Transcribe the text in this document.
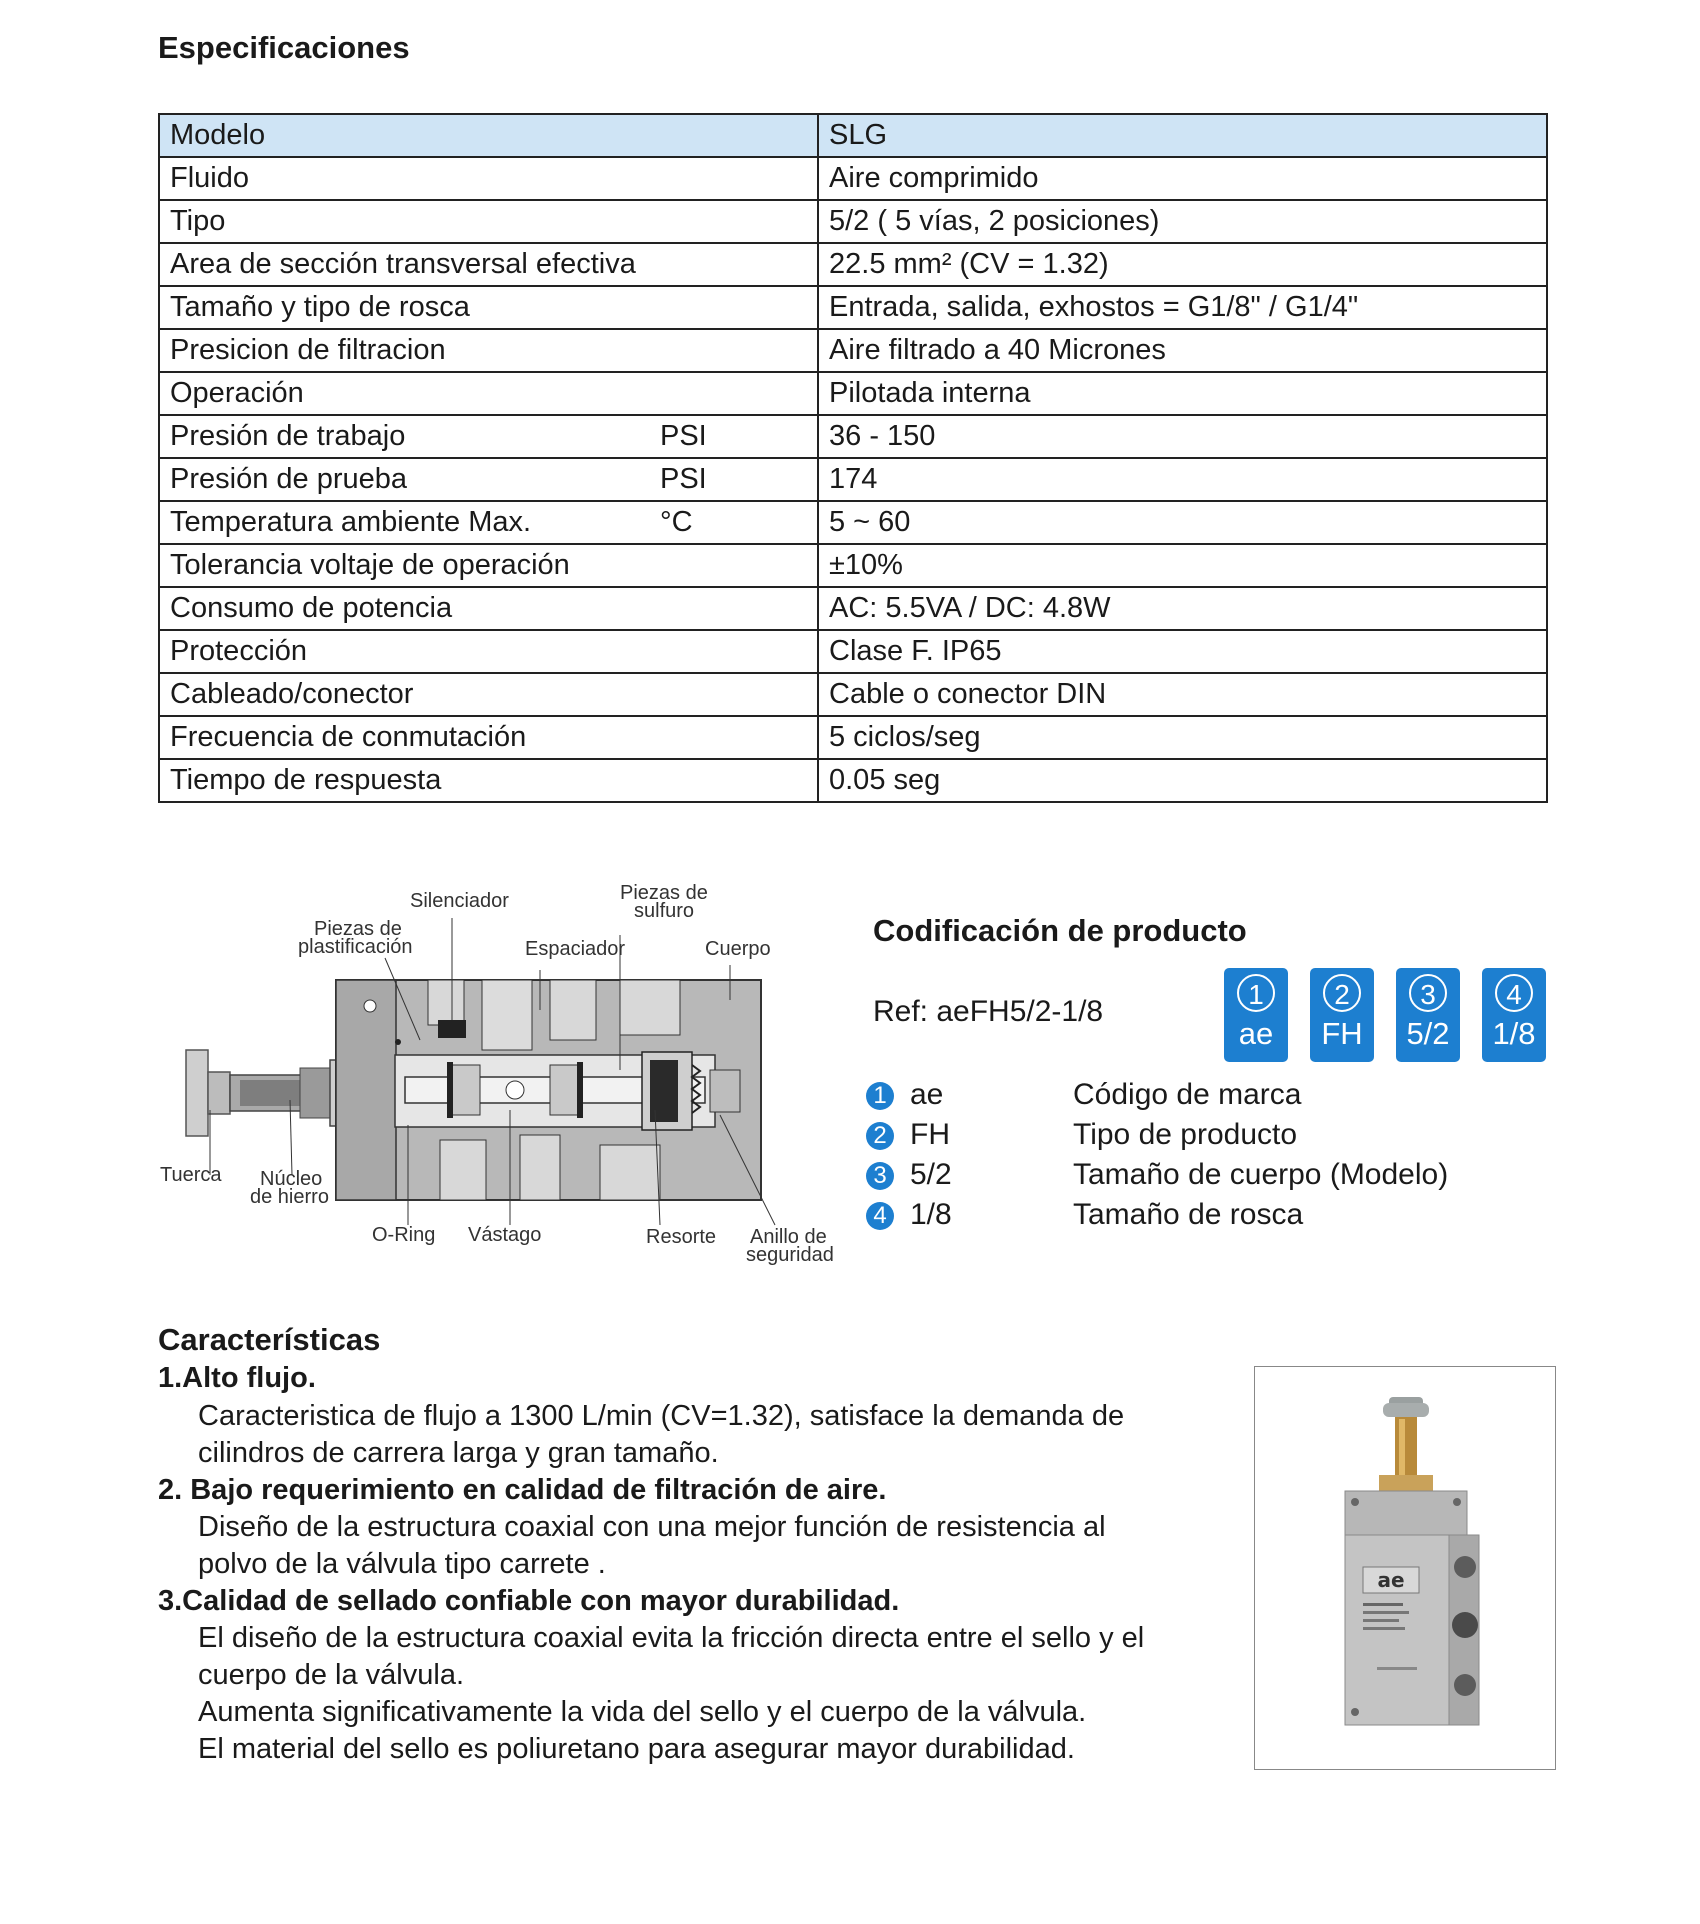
Especificaciones
Modelo		SLG
Fluido		Aire comprimido
Tipo		5/2 ( 5 vías, 2 posiciones)
Area de sección transversal efectiva		22.5 mm² (CV = 1.32)
Tamaño y tipo de rosca		Entrada, salida, exhostos = G1/8" / G1/4"
Presicion de filtracion		Aire filtrado a 40 Micrones
Operación		Pilotada interna
Presión de trabajo	PSI	36 - 150
Presión de prueba	PSI	174
Temperatura ambiente Max.	°C	5 ~ 60
Tolerancia voltaje de operación		±10%
Consumo de potencia		AC: 5.5VA / DC: 4.8W
Protección		Clase F. IP65
Cableado/conector		Cable o conector DIN
Frecuencia de conmutación		5 ciclos/seg
Tiempo de respuesta		0.05 seg
Silenciador	Piezas de
sulfuro
Piezas de
plastificación	Espaciador	Cuerpo
Tuerca Núcleo
de hierro
O-Ring Vástago	Resorte Anillo de
seguridad
Codificación de producto
Ref: aeFH5/2-1/8
1
ae
2
FH
3
5/2
4
1/8
1 ae	Código de marca
2 FH	Tipo de producto
3 5/2	Tamaño de cuerpo (Modelo)
4 1/8	Tamaño de rosca
Características
1.Alto flujo.
Caracteristica de flujo a 1300 L/min (CV=1.32), satisface la demanda de
cilindros de carrera larga y gran tamaño.
2. Bajo requerimiento en calidad de filtración de aire.
Diseño de la estructura coaxial con una mejor función de resistencia al
polvo de la válvula tipo carrete .
3.Calidad de sellado confiable con mayor durabilidad.
El diseño de la estructura coaxial evita la fricción directa entre el sello y el
cuerpo de la válvula.
Aumenta significativamente la vida del sello y el cuerpo de la válvula.
El material del sello es poliuretano para asegurar mayor durabilidad.
ae
